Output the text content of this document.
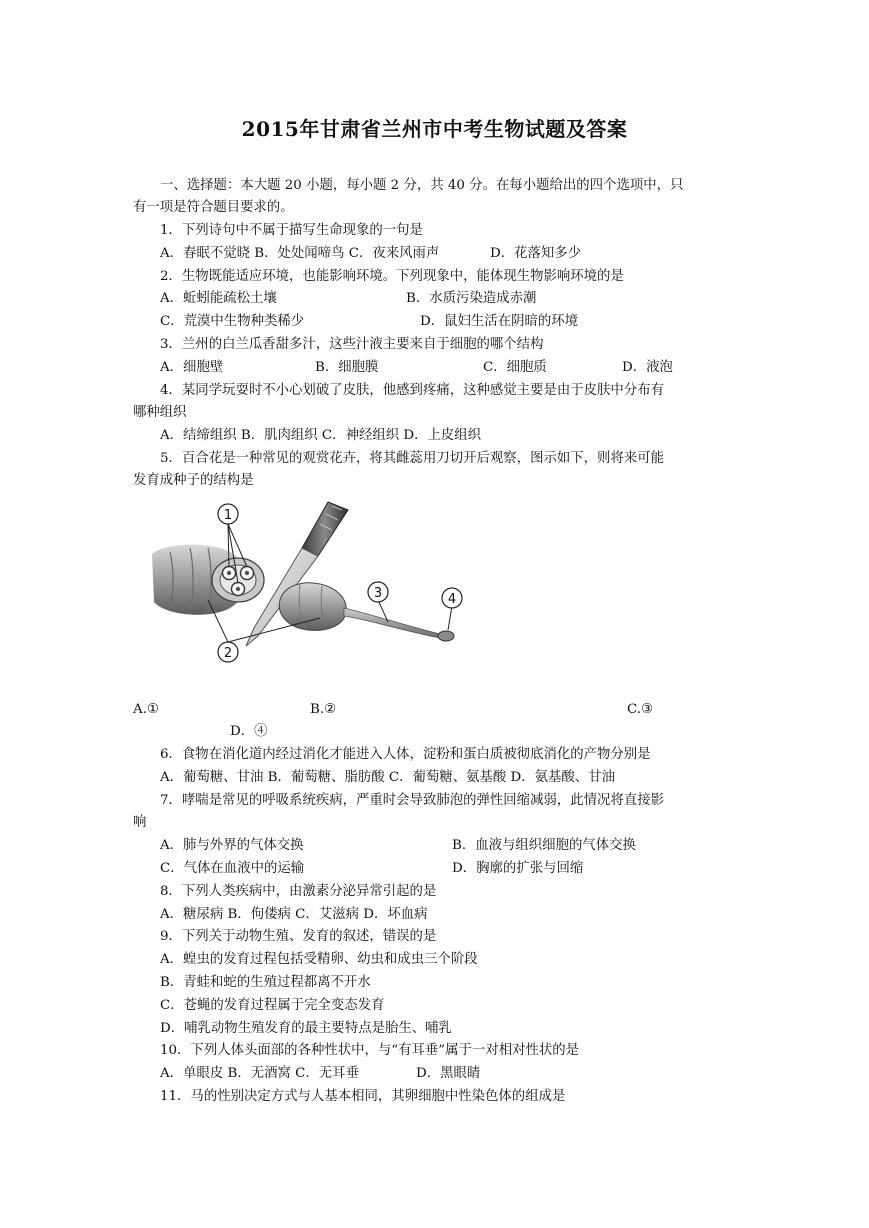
2015年甘肃省兰州市中考生物试题及答案
一、选择题：本大题 20 小题，每小题 2 分，共 40 分。在每小题给出的四个选项中，只
有一项是符合题目要求的。
1．下列诗句中不属于描写生命现象的一句是
A．春眠不觉晓 B．处处闻啼鸟 C．夜来风雨声	D．花落知多少
2．生物既能适应环境，也能影响环境。下列现象中，能体现生物影响环境的是
A．蚯蚓能疏松土壤	B．水质污染造成赤潮
C．荒漠中生物种类稀少	D．鼠妇生活在阴暗的环境
3．兰州的白兰瓜香甜多汁，这些汁液主要来自于细胞的哪个结构
A．细胞壁	B．细胞膜	C．细胞质	D．液泡
4．某同学玩耍时不小心划破了皮肤，他感到疼痛，这种感觉主要是由于皮肤中分布有
哪种组织
A．结缔组织 B．肌肉组织 C．神经组织 D．上皮组织
5．百合花是一种常见的观赏花卉，将其雌蕊用刀切开后观察，图示如下，则将来可能
发育成种子的结构是
1
2
3	4
A.①	B.②	C.③
D．④
6．食物在消化道内经过消化才能进入人体，淀粉和蛋白质被彻底消化的产物分别是
A．葡萄糖、甘油 B．葡萄糖、脂肪酸 C．葡萄糖、氨基酸 D．氨基酸、甘油
7．哮喘是常见的呼吸系统疾病，严重时会导致肺泡的弹性回缩减弱，此情况将直接影
响
A．肺与外界的气体交换	B．血液与组织细胞的气体交换
C．气体在血液中的运输	D．胸廓的扩张与回缩
8．下列人类疾病中，由激素分泌异常引起的是
A．糖尿病 B．佝偻病 C．艾滋病 D．坏血病
9．下列关于动物生殖、发育的叙述，错误的是
A．蝗虫的发育过程包括受精卵、幼虫和成虫三个阶段
B．青蛙和蛇的生殖过程都离不开水
C．苍蝇的发育过程属于完全变态发育
D．哺乳动物生殖发育的最主要特点是胎生、哺乳
10．下列人体头面部的各种性状中，与“有耳垂”属于一对相对性状的是
A．单眼皮 B．无酒窝 C．无耳垂	D．黑眼睛
11．马的性别决定方式与人基本相同，其卵细胞中性染色体的组成是
